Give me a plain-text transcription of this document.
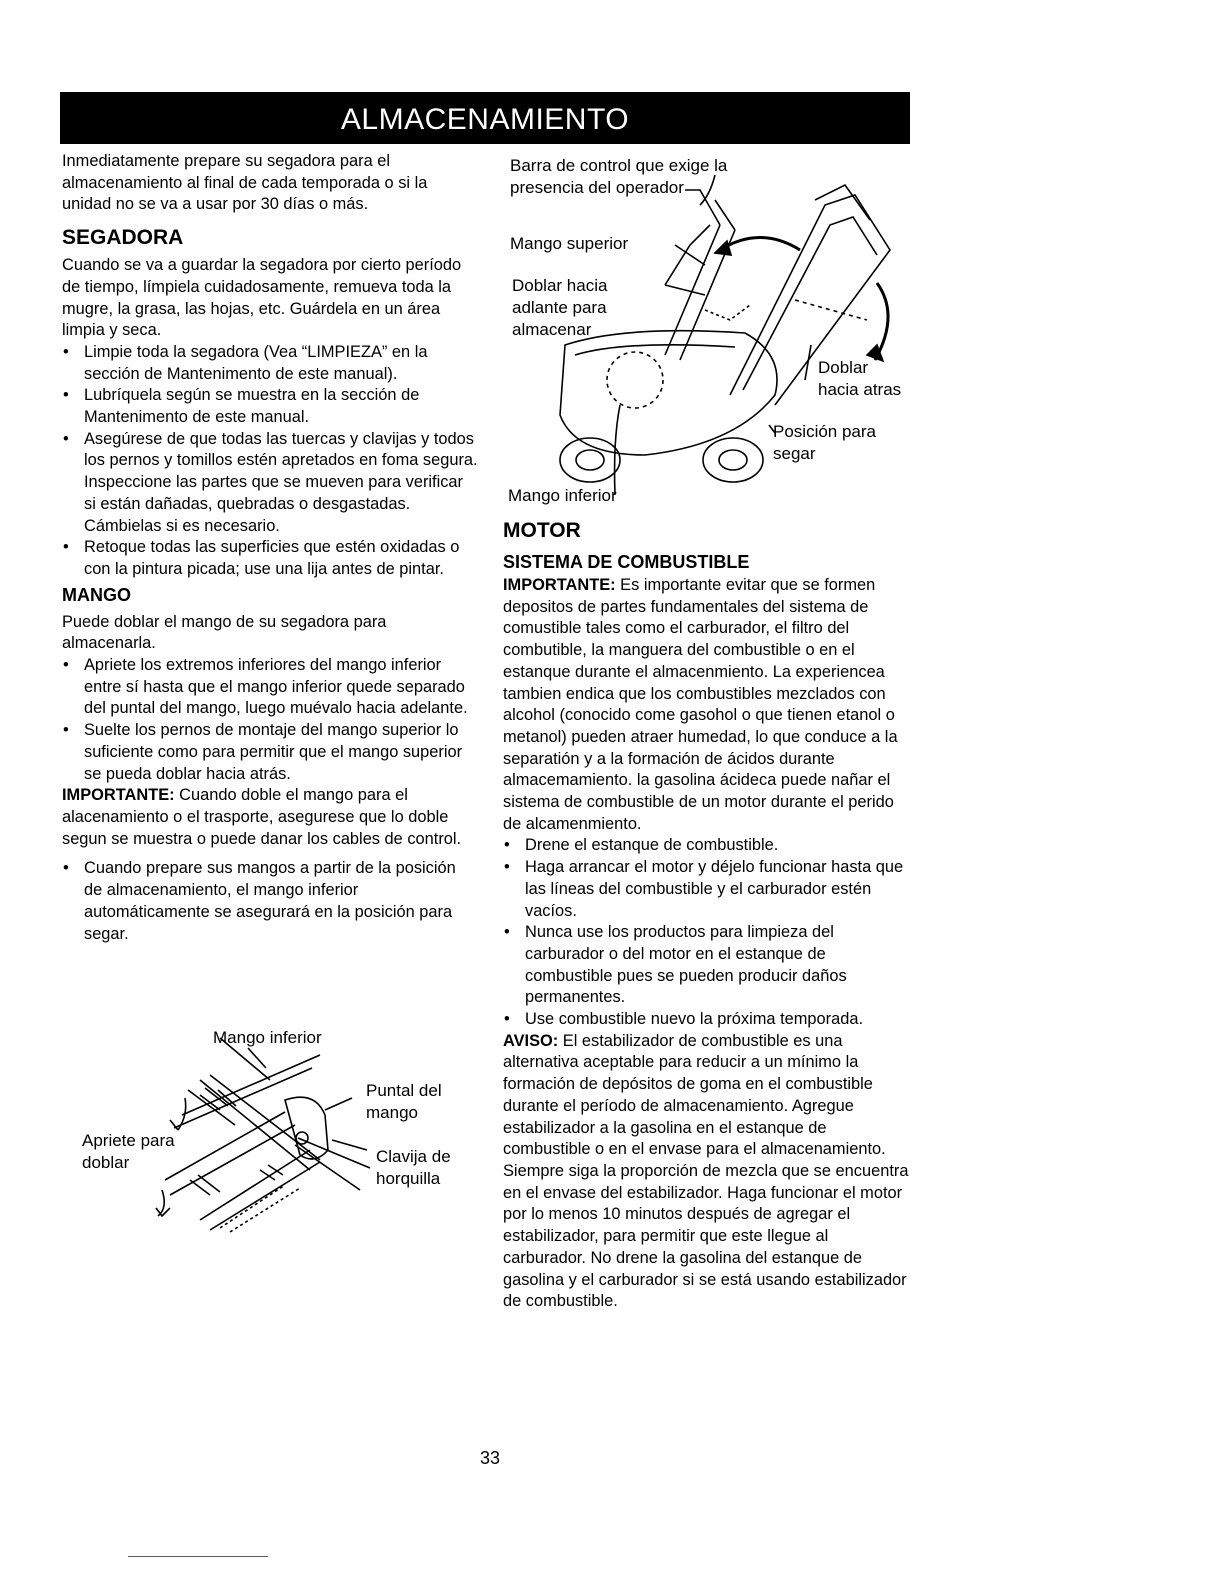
ALMACENAMIENTO

Inmediatamente prepare su segadora para el almacenamiento al final de cada temporada o si la unidad no se va a usar por 30 días o más.

SEGADORA

Cuando se va a guardar la segadora por cierto período de tiempo, límpiela cuidadosamente, remueva toda la mugre, la grasa, las hojas, etc. Guárdela en un área limpia y seca.

• Limpie toda la segadora (Vea “LIMPIEZA” en la sección de Mantenimento de este manual).
• Lubríquela según se muestra en la sección de Mantenimento de este manual.
• Asegúrese de que todas las tuercas y clavijas y todos los pernos y tomillos estén apretados en foma segura. Inspeccione las partes que se mueven para verificar si están dañadas, quebradas o desgastadas. Cámbielas si es necesario.
• Retoque todas las superficies que estén oxidadas o con la pintura picada; use una lija antes de pintar.
MANGO

Puede doblar el mango de su segadora para almacenarla.

• Apriete los extremos inferiores del mango inferior entre sí hasta que el mango inferior quede separado del puntal del mango, luego muévalo hacia adelante.
• Suelte los pernos de montaje del mango superior lo suficiente como para permitir que el mango superior se pueda doblar hacia atrás.

IMPORTANTE: Cuando doble el mango para el alacenamiento o el trasporte, asegurese que lo doble segun se muestra o puede danar los cables de control.

• Cuando prepare sus mangos a partir de la posición de almacenamiento, el mango inferior automáticamente se asegurará en la posición para segar.
Mango inferior
Apriete para doblar
Puntal del mango
Clavija de horquilla
Barra de control que exige la presencia del operador
Mango superior
Doblar hacia adlante para almacenar
Doblar hacia atras
Posición para segar
Mango inferior
MOTOR
SISTEMA DE COMBUSTIBLE

IMPORTANTE: Es importante evitar que se formen depositos de partes fundamentales del sistema de comustible tales como el carburador, el filtro del combutible, la manguera del combustible o en el estanque durante el almacenmiento. La experiencea tambien endica que los combustibles mezclados con alcohol (conocido come gasohol o que tienen etanol o metanol) pueden atraer humedad, lo que conduce a la separatión y a la formación de ácidos durante almacemamiento. la gasolina ácideca puede nañar el sistema de combustible de un motor durante el perido de alcamenmiento.

• Drene el estanque de combustible.
• Haga arrancar el motor y déjelo funcionar hasta que las líneas del combustible y el carburador estén vacíos.
• Nunca use los productos para limpieza del carburador o del motor en el estanque de combustible pues se pueden producir daños permanentes.
• Use combustible nuevo la próxima temporada.

AVISO: El estabilizador de combustible es una alternativa aceptable para reducir a un mínimo la formación de depósitos de goma en el combustible durante el período de almacenamiento. Agregue estabilizador a la gasolina en el estanque de combustible o en el envase para el almacenamiento. Siempre siga la proporción de mezcla que se encuentra en el envase del estabilizador. Haga funcionar el motor por lo menos 10 minutos después de agregar el estabilizador, para permitir que este llegue al carburador. No drene la gasolina del estanque de gasolina y el carburador si se está usando estabilizador de combustible.

33
